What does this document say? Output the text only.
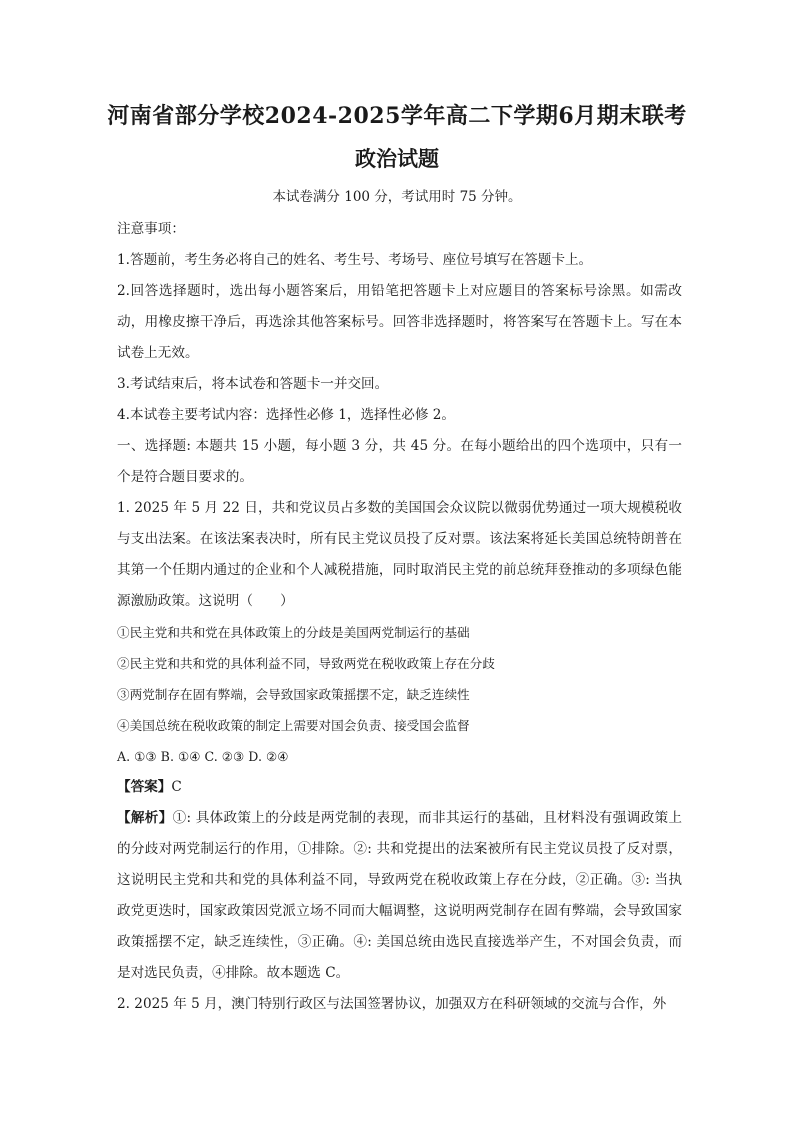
河南省部分学校2024-2025学年高二下学期6月期末联考
政治试题
本试卷满分 100 分，考试用时 75 分钟。

注意事项：

1.答题前，考生务必将自己的姓名、考生号、考场号、座位号填写在答题卡上。

2.回答选择题时，选出每小题答案后，用铅笔把答题卡上对应题目的答案标号涂黑。如需改动，用橡皮擦干净后，再选涂其他答案标号。回答非选择题时，将答案写在答题卡上。写在本试卷上无效。

3.考试结束后，将本试卷和答题卡一并交回。

4.本试卷主要考试内容：选择性必修 1，选择性必修 2。

一、选择题: 本题共 15 小题，每小题 3 分，共 45 分。在每小题给出的四个选项中，只有一个是符合题目要求的。

1. 2025 年 5 月 22 日，共和党议员占多数的美国国会众议院以微弱优势通过一项大规模税收与支出法案。在该法案表决时，所有民主党议员投了反对票。该法案将延长美国总统特朗普在其第一个任期内通过的企业和个人减税措施，同时取消民主党的前总统拜登推动的多项绿色能源激励政策。这说明（　　）

①民主党和共和党在具体政策上的分歧是美国两党制运行的基础

②民主党和共和党的具体利益不同，导致两党在税收政策上存在分歧

③两党制存在固有弊端，会导致国家政策摇摆不定，缺乏连续性

④美国总统在税收政策的制定上需要对国会负责、接受国会监督

A. ①③ B. ①④ C. ②③ D. ②④

【答案】C

【解析】①: 具体政策上的分歧是两党制的表现，而非其运行的基础，且材料没有强调政策上的分歧对两党制运行的作用，①排除。②: 共和党提出的法案被所有民主党议员投了反对票，这说明民主党和共和党的具体利益不同，导致两党在税收政策上存在分歧，②正确。③: 当执政党更迭时，国家政策因党派立场不同而大幅调整，这说明两党制存在固有弊端，会导致国家政策摇摆不定，缺乏连续性，③正确。④: 美国总统由选民直接选举产生，不对国会负责，而是对选民负责，④排除。故本题选 C。

2. 2025 年 5 月，澳门特别行政区与法国签署协议，加强双方在科研领域的交流与合作，外
